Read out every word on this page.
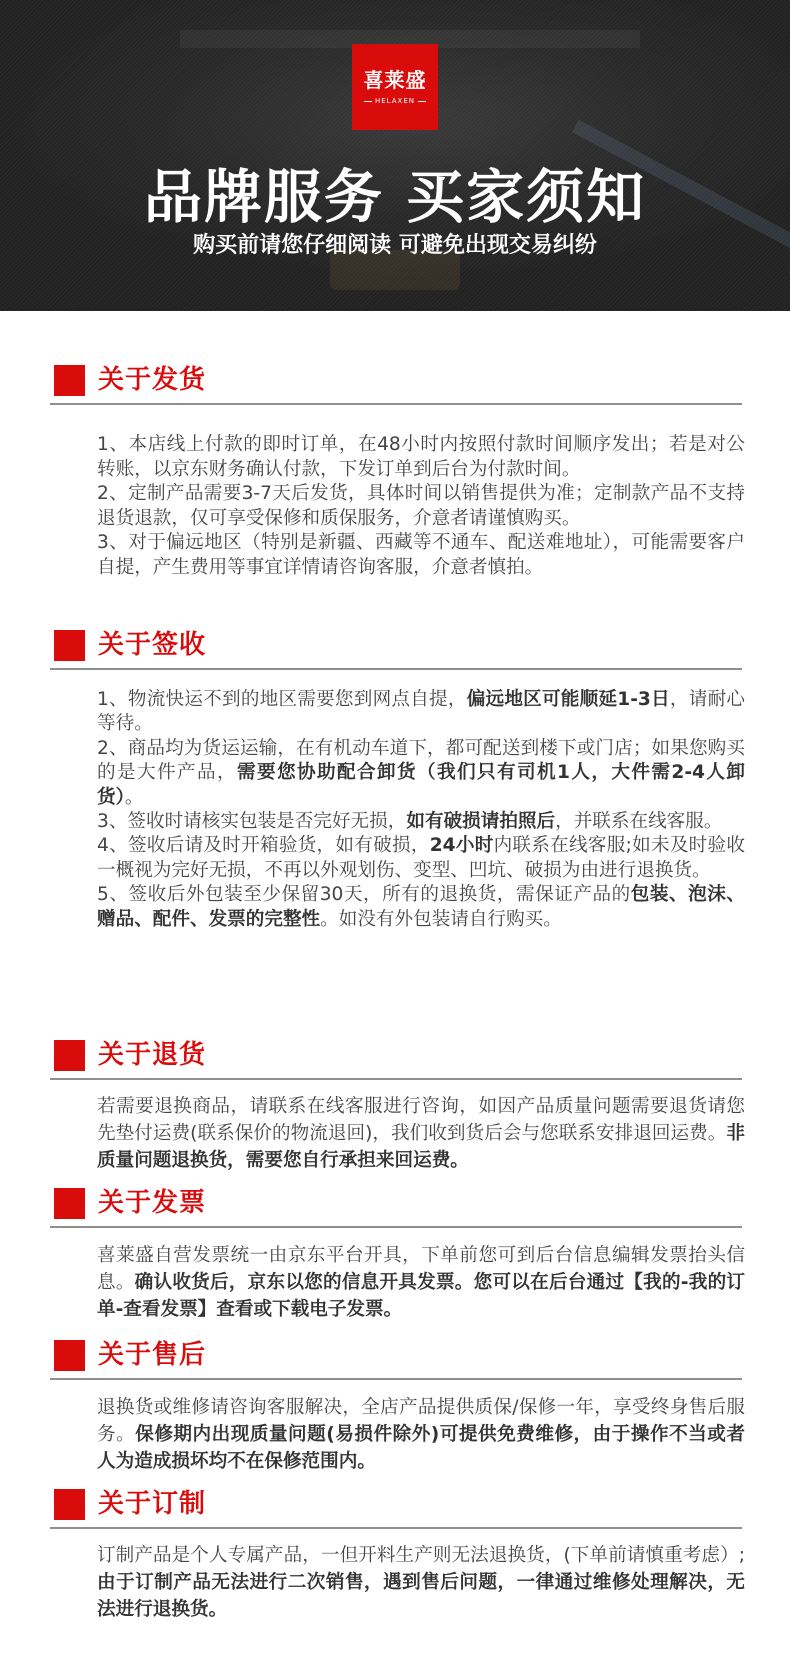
喜莱盛
HELAXEN
品牌服务 买家须知
购买前请您仔细阅读 可避免出现交易纠纷
关于发货

1、本店线上付款的即时订单，在48小时内按照付款时间顺序发出；若是对公转账，以京东财务确认付款，下发订单到后台为付款时间。

2、定制产品需要3-7天后发货，具体时间以销售提供为准；定制款产品不支持退货退款，仅可享受保修和质保服务，介意者请谨慎购买。

3、对于偏远地区（特别是新疆、西藏等不通车、配送难地址），可能需要客户自提，产生费用等事宜详情请咨询客服，介意者慎拍。

关于签收

1、物流快运不到的地区需要您到网点自提，偏远地区可能顺延1-3日，请耐心等待。

2、商品均为货运运输，在有机动车道下，都可配送到楼下或门店；如果您购买的是大件产品，需要您协助配合卸货（我们只有司机1人，大件需2-4人卸货）。

3、签收时请核实包装是否完好无损，如有破损请拍照后，并联系在线客服。

4、签收后请及时开箱验货，如有破损，24小时内联系在线客服;如未及时验收一概视为完好无损，不再以外观划伤、变型、凹坑、破损为由进行退换货。

5、签收后外包装至少保留30天，所有的退换货，需保证产品的包装、泡沫、赠品、配件、发票的完整性。如没有外包装请自行购买。

关于退货

若需要退换商品，请联系在线客服进行咨询，如因产品质量问题需要退货请您先垫付运费(联系保价的物流退回)，我们收到货后会与您联系安排退回运费。非质量问题退换货，需要您自行承担来回运费。

关于发票

喜莱盛自营发票统一由京东平台开具，下单前您可到后台信息编辑发票抬头信息。确认收货后，京东以您的信息开具发票。您可以在后台通过【我的-我的订单-查看发票】查看或下载电子发票。

关于售后

退换货或维修请咨询客服解决，全店产品提供质保/保修一年，享受终身售后服务。保修期内出现质量问题(易损件除外)可提供免费维修，由于操作不当或者人为造成损坏均不在保修范围内。

关于订制

订制产品是个人专属产品，一但开料生产则无法退换货，(下单前请慎重考虑）;由于订制产品无法进行二次销售，遇到售后问题，一律通过维修处理解决，无法进行退换货。
